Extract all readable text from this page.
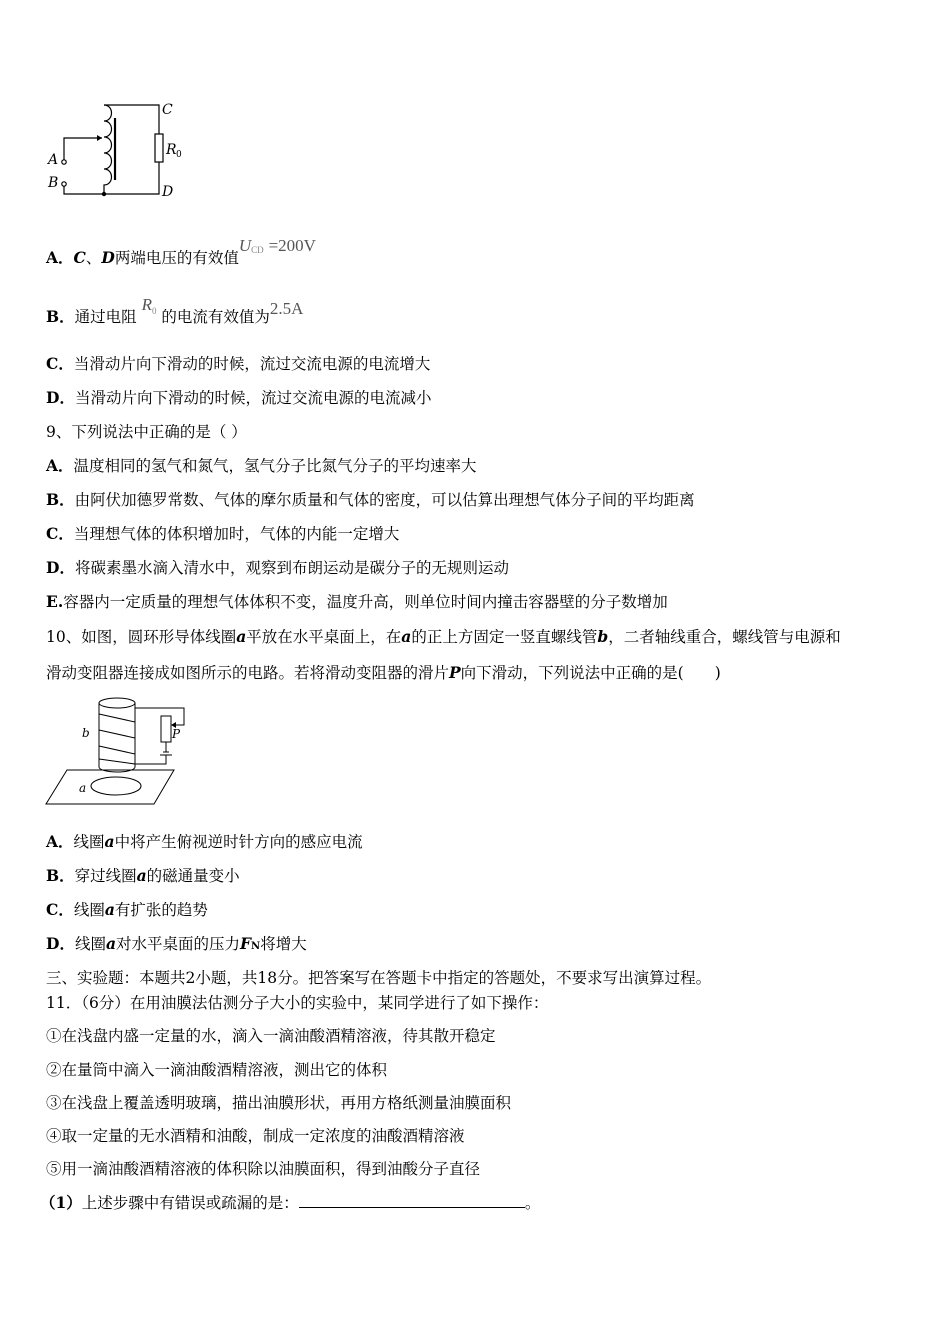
C
D
A
B
R 0
A．C、D两端电压的有效值$U^{CD} =200V$
B．通过电阻 $R^0$ 的电流有效值为2.5A
C．当滑动片向下滑动的时候，流过交流电源的电流增大
D．当滑动片向下滑动的时候，流过交流电源的电流减小
9、下列说法中正确的是（ ）
A．温度相同的氢气和氮气，氢气分子比氮气分子的平均速率大
B．由阿伏加德罗常数、气体的摩尔质量和气体的密度，可以估算出理想气体分子间的平均距离
C．当理想气体的体积增加时，气体的内能一定增大
D．将碳素墨水滴入清水中，观察到布朗运动是碳分子的无规则运动
E.容器内一定质量的理想气体体积不变，温度升高，则单位时间内撞击容器壁的分子数增加
10、如图，圆环形导体线圈a平放在水平桌面上，在a的正上方固定一竖直螺线管b，二者轴线重合，螺线管与电源和
滑动变阻器连接成如图所示的电路。若将滑动变阻器的滑片P向下滑动，下列说法中正确的是(　　)
b
a
P
A．线圈a中将产生俯视逆时针方向的感应电流
B．穿过线圈a的磁通量变小
C．线圈a有扩张的趋势
D．线圈a对水平桌面的压力FN将增大
三、实验题：本题共2小题，共18分。把答案写在答题卡中指定的答题处，不要求写出演算过程。
11．（6分）在用油膜法估测分子大小的实验中，某同学进行了如下操作：
①在浅盘内盛一定量的水，滴入一滴油酸酒精溶液，待其散开稳定
②在量筒中滴入一滴油酸酒精溶液，测出它的体积
③在浅盘上覆盖透明玻璃，描出油膜形状，再用方格纸测量油膜面积
④取一定量的无水酒精和油酸，制成一定浓度的油酸酒精溶液
⑤用一滴油酸酒精溶液的体积除以油膜面积，得到油酸分子直径
（1）上述步骤中有错误或疏漏的是：	。
